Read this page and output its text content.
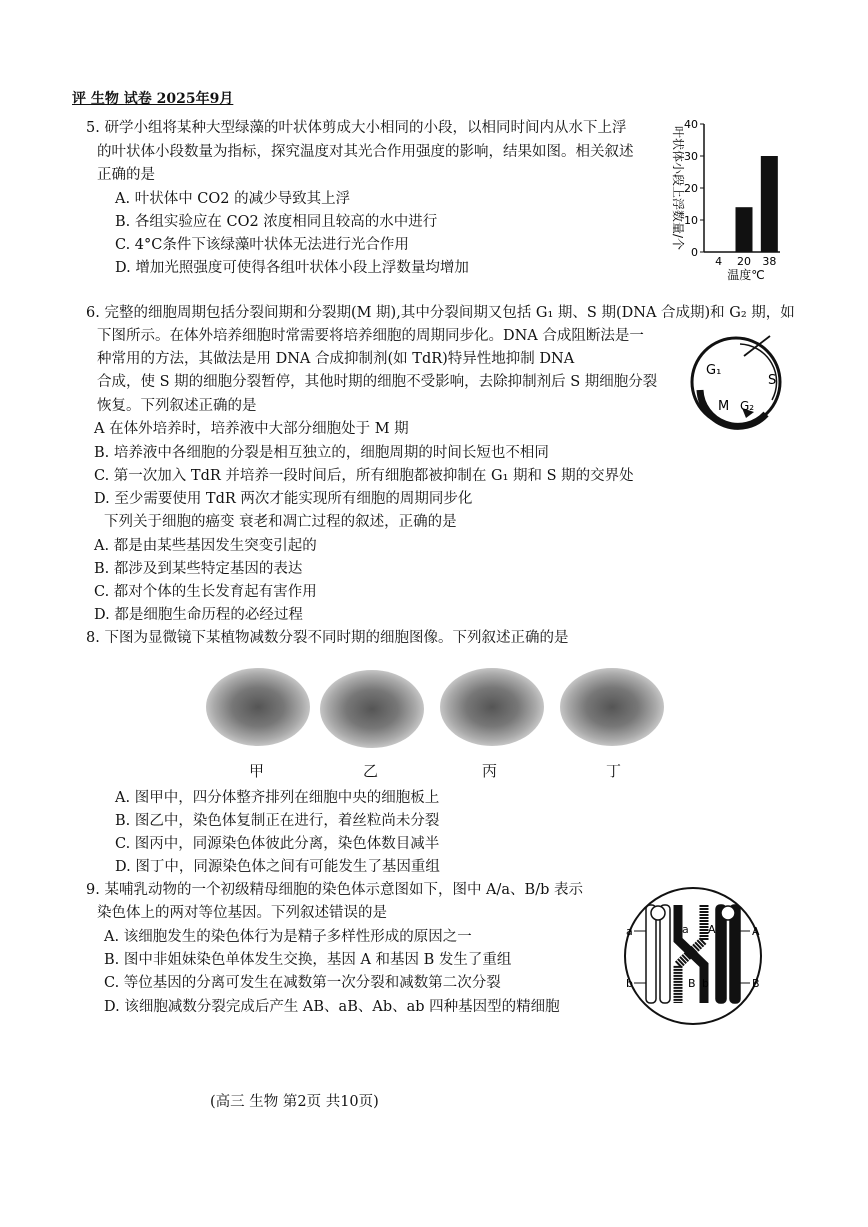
评 生物 试卷 2025年9月
5. 研学小组将某种大型绿藻的叶状体剪成大小相同的小段，以相同时间内从水下上浮
的叶状体小段数量为指标，探究温度对其光合作用强度的影响，结果如图。相关叙述
正确的是
A. 叶状体中 CO2 的减少导致其上浮
B. 各组实验应在 CO2 浓度相同且较高的水中进行
C. 4°C条件下该绿藻叶状体无法进行光合作用
D. 增加光照强度可使得各组叶状体小段上浮数量均增加
0
10
20
30
40
4 20 38
温度℃
叶状体小段上浮数量/个
6. 完整的细胞周期包括分裂间期和分裂期(M 期),其中分裂间期又包括 G₁ 期、S 期(DNA 合成期)和 G₂ 期，如
下图所示。在体外培养细胞时常需要将培养细胞的周期同步化。DNA 合成阻断法是一
种常用的方法，其做法是用 DNA 合成抑制剂(如 TdR)特异性地抑制 DNA
合成，使 S 期的细胞分裂暂停，其他时期的细胞不受影响，去除抑制剂后 S 期细胞分裂
恢复。下列叙述正确的是
A 在体外培养时，培养液中大部分细胞处于 M 期
B. 培养液中各细胞的分裂是相互独立的，细胞周期的时间长短也不相同
C. 第一次加入 TdR 并培养一段时间后，所有细胞都被抑制在 G₁ 期和 S 期的交界处
D. 至少需要使用 TdR 两次才能实现所有细胞的周期同步化
G₁
S
M G₂
下列关于细胞的癌变 衰老和凋亡过程的叙述，正确的是
A. 都是由某些基因发生突变引起的
B. 都涉及到某些特定基因的表达
C. 都对个体的生长发育起有害作用
D. 都是细胞生命历程的必经过程
8. 下图为显微镜下某植物减数分裂不同时期的细胞图像。下列叙述正确的是
甲	乙	丙	丁
A. 图甲中，四分体整齐排列在细胞中央的细胞板上
B. 图乙中，染色体复制正在进行，着丝粒尚未分裂
C. 图丙中，同源染色体彼此分离，染色体数目减半
D. 图丁中，同源染色体之间有可能发生了基因重组
9. 某哺乳动物的一个初级精母细胞的染色体示意图如下，图中 A/a、B/b 表示
染色体上的两对等位基因。下列叙述错误的是
A. 该细胞发生的染色体行为是精子多样性形成的原因之一
B. 图中非姐妹染色单体发生交换，基因 A 和基因 B 发生了重组
C. 等位基因的分离可发生在减数第一次分裂和减数第二次分裂
D. 该细胞减数分裂完成后产生 AB、aB、Ab、ab 四种基因型的精细胞
a	a A	A
b	B b	B
(高三 生物 第2页 共10页)
